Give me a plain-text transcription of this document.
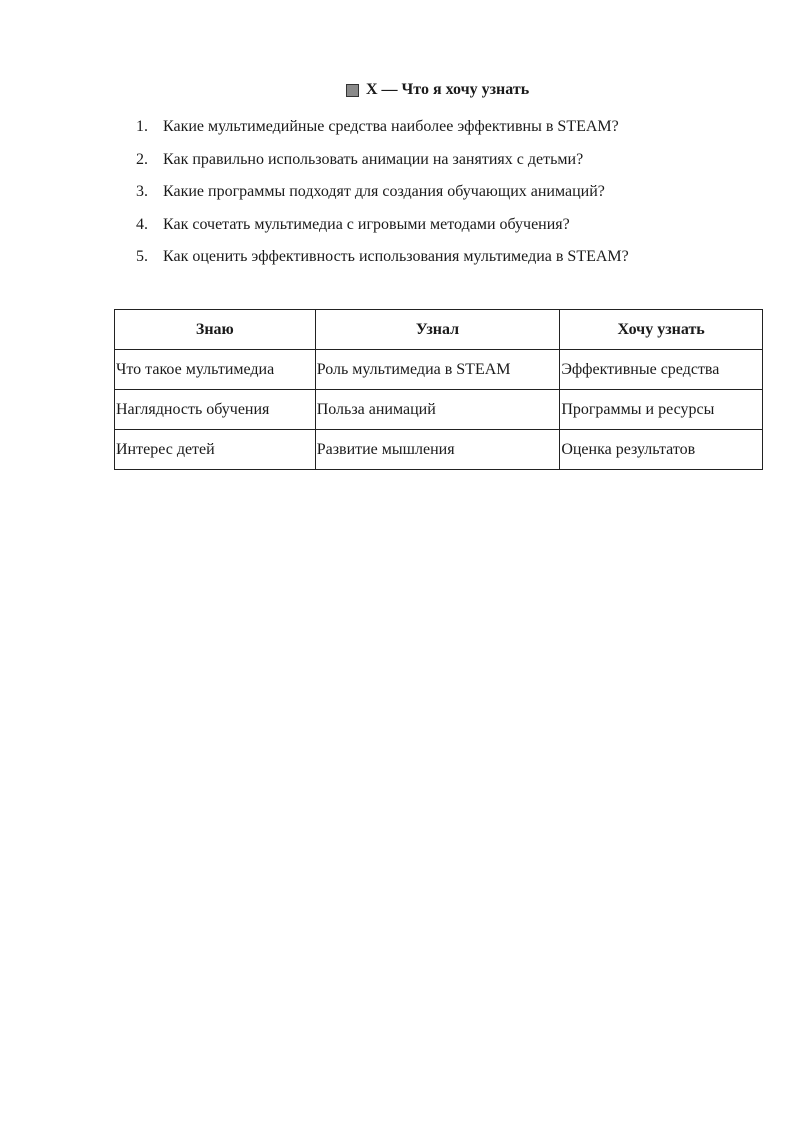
X — Что я хочу узнать
1. Какие мультимедийные средства наиболее эффективны в STEAM?
2. Как правильно использовать анимации на занятиях с детьми?
3. Какие программы подходят для создания обучающих анимаций?
4. Как сочетать мультимедиа с игровыми методами обучения?
5. Как оценить эффективность использования мультимедиа в STEAM?
Знаю	Узнал	Хочу узнать
Что такое мультимедиа	Роль мультимедиа в STEAM	Эффективные средства
Наглядность обучения	Польза анимаций	Программы и ресурсы
Интерес детей	Развитие мышления	Оценка результатов
